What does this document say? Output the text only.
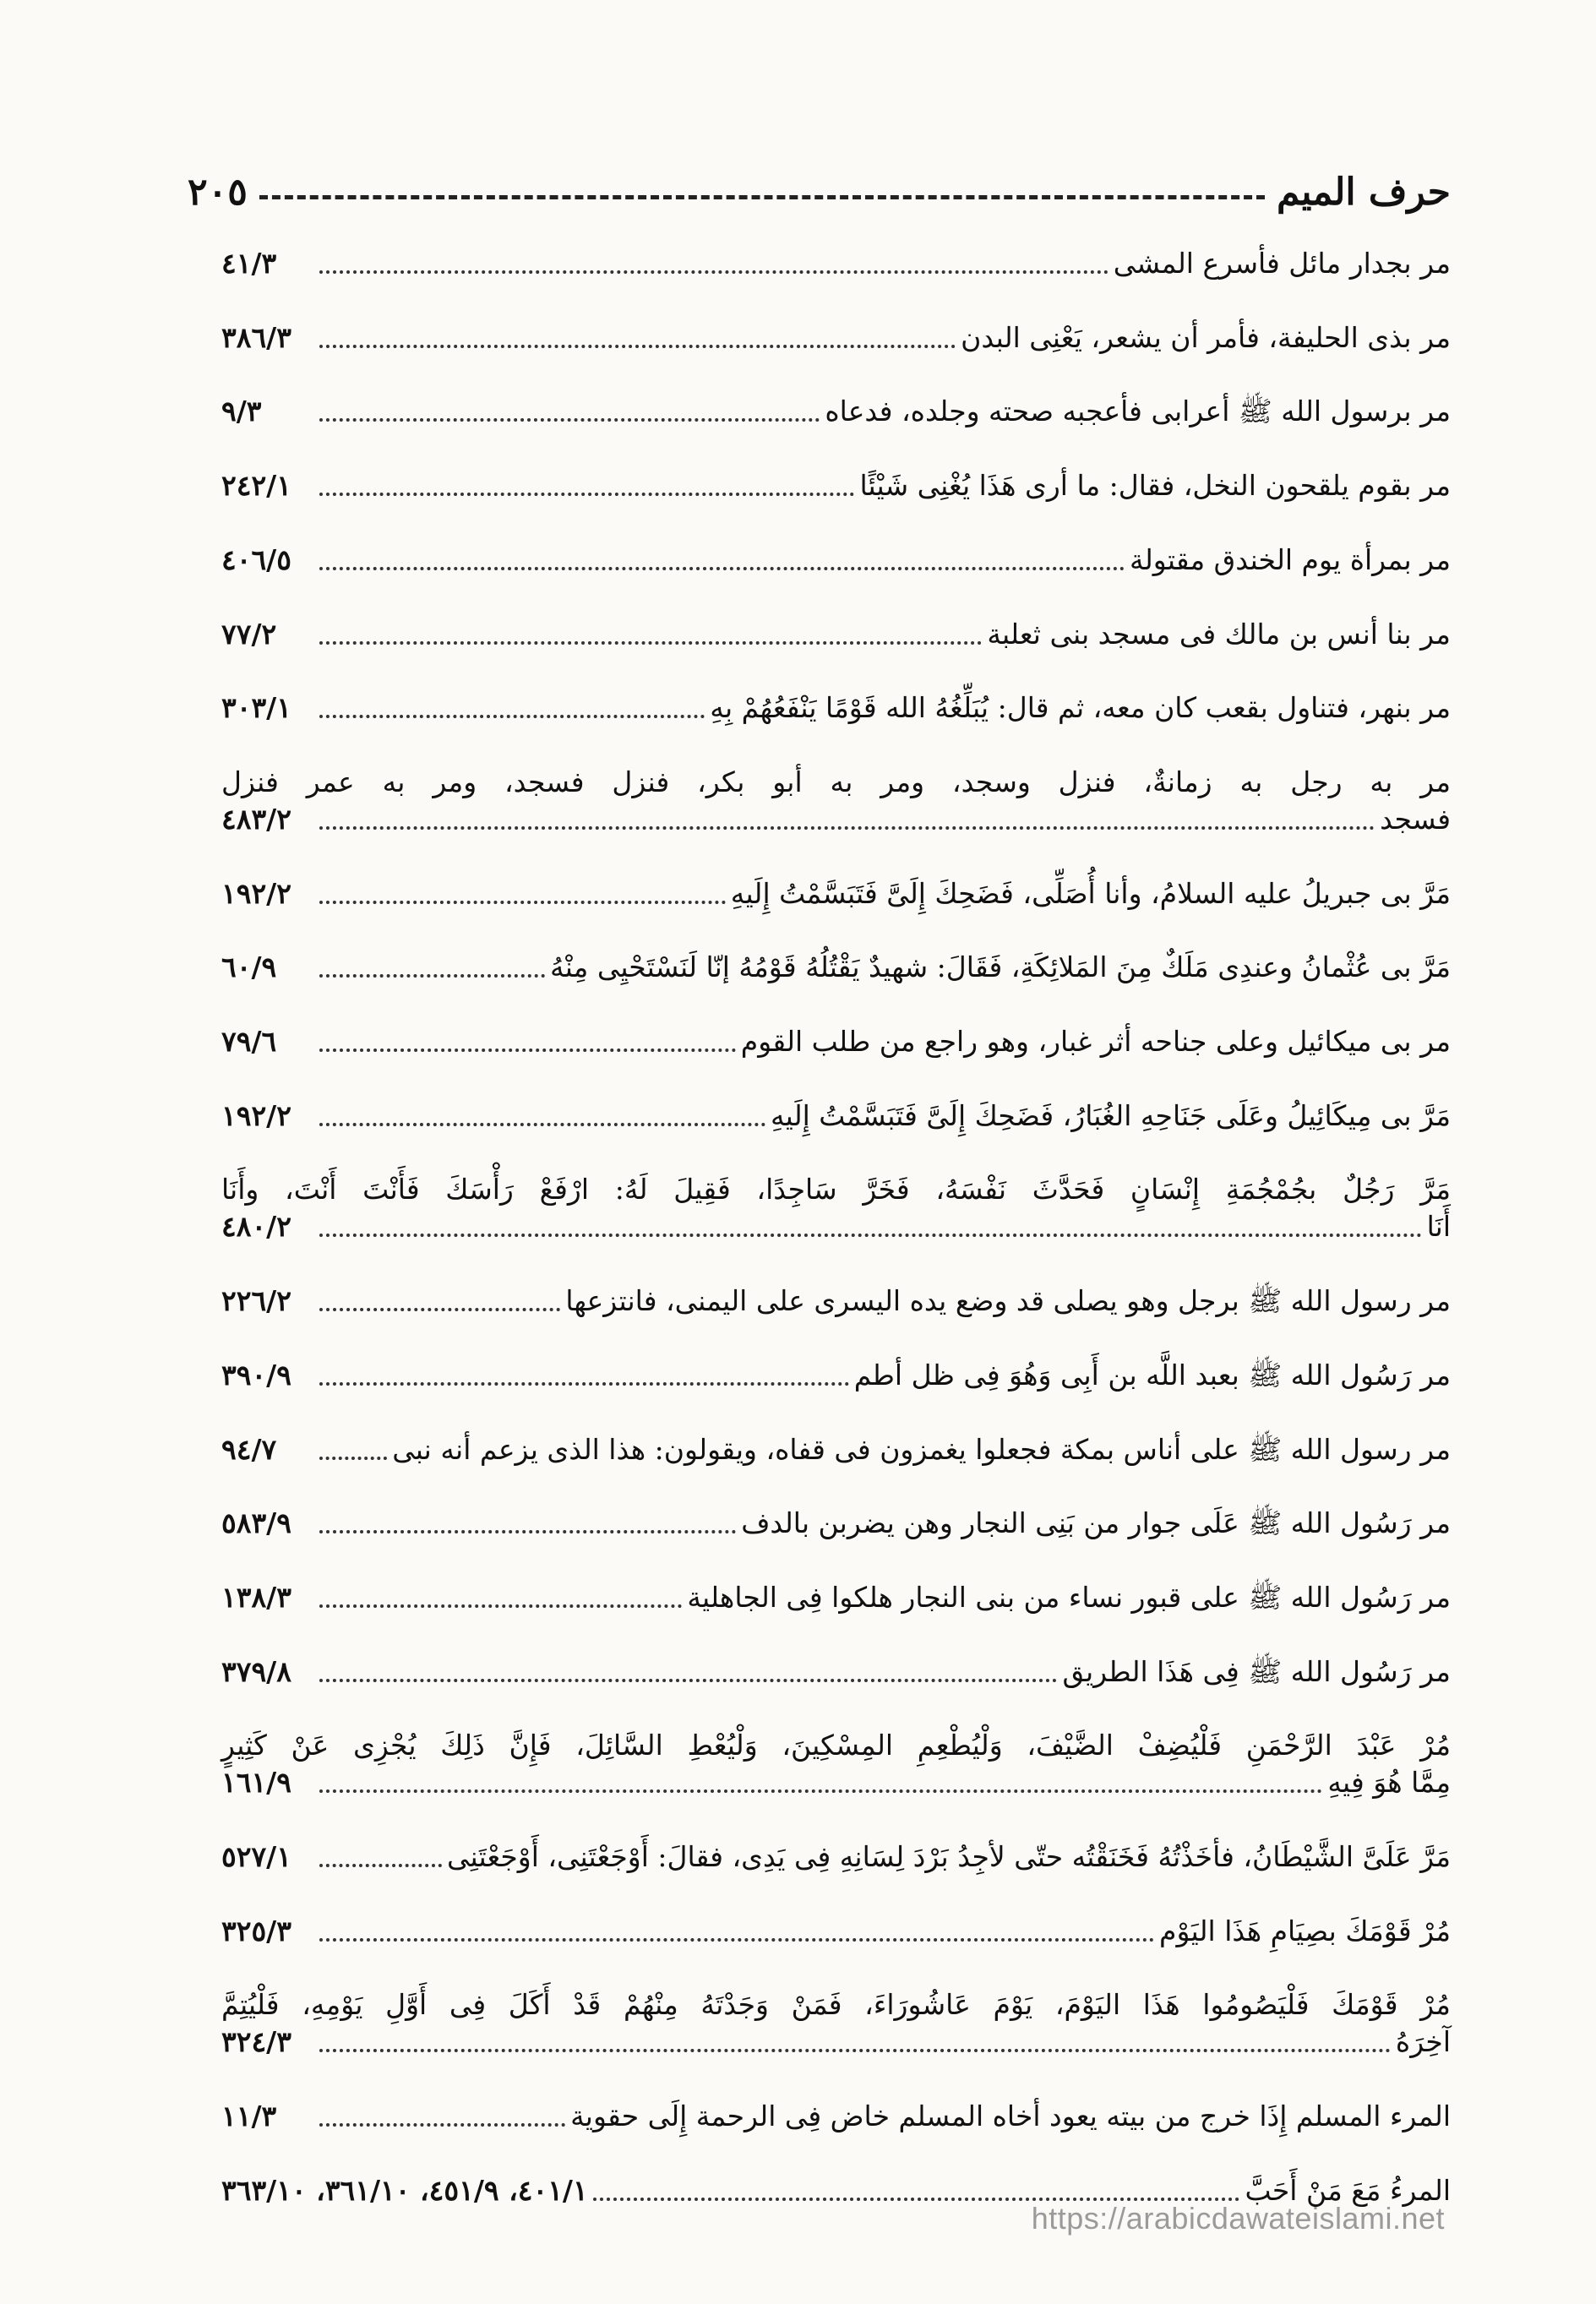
حرف الميم
٢٠٥
مر بجدار مائل فأسرع المشى
٤١/٣
مر بذى الحليفة، فأمر أن يشعر، يَعْنِى البدن
٣٨٦/٣
مر برسول الله ﷺ أعرابى فأعجبه صحته وجلده، فدعاه
٩/٣
مر بقوم يلقحون النخل، فقال: ما أرى هَذَا يُغْنِى شَيْئًا
٢٤٢/١
مر بمرأة يوم الخندق مقتولة
٤٠٦/٥
مر بنا أنس بن مالك فى مسجد بنى ثعلبة
٧٧/٢
مر بنهر، فتناول بقعب كان معه، ثم قال: يُبَلِّغُهُ الله قَوْمًا يَنْفَعُهُمْ بِهِ
٣٠٣/١
مر به رجل به زمانةٌ، فنزل وسجد، ومر به أبو بكر، فنزل فسجد، ومر به عمر فنزل
فسجد
٤٨٣/٢
مَرَّ بى جبريلُ عليه السلامُ، وأنا أُصَلِّى، فَضَحِكَ إِلَىَّ فَتَبَسَّمْتُ إِلَيهِ
١٩٢/٢
مَرَّ بى عُثْمانُ وعندِى مَلَكٌ مِنَ المَلائِكَةِ، فَقَالَ: شهيدٌ يَقْتُلُهُ قَوْمُهُ إنّا لَنَسْتَحْيِى مِنْهُ
٦٠/٩
مر بى ميكائيل وعلى جناحه أثر غبار، وهو راجع من طلب القوم
٧٩/٦
مَرَّ بى مِيكَائِيلُ وعَلَى جَنَاحِهِ الغُبَارُ، فَضَحِكَ إِلَىَّ فَتَبَسَّمْتُ إِلَيهِ
١٩٢/٢
مَرَّ رَجُلٌ بجُمْجُمَةِ إِنْسَانٍ فَحَدَّثَ نَفْسَهُ، فَخَرَّ سَاجِدًا، فَقِيلَ لَهُ: ارْفَعْ رَأْسَكَ فَأَنْتَ أَنْتَ، وأَنَا
أَنَا
٤٨٠/٢
مر رسول الله ﷺ برجل وهو يصلى قد وضع يده اليسرى على اليمنى، فانتزعها
٢٢٦/٢
مر رَسُول الله ﷺ بعبد اللَّه بن أَبِى وَهُوَ فِى ظل أطم
٣٩٠/٩
مر رسول الله ﷺ على أناس بمكة فجعلوا يغمزون فى قفاه، ويقولون: هذا الذى يزعم أنه نبى
٩٤/٧
مر رَسُول الله ﷺ عَلَى جوار من بَنِى النجار وهن يضربن بالدف
٥٨٣/٩
مر رَسُول الله ﷺ على قبور نساء من بنى النجار هلكوا فِى الجاهلية
١٣٨/٣
مر رَسُول الله ﷺ فِى هَذَا الطريق
٣٧٩/٨
مُرْ عَبْدَ الرَّحْمَنِ فَلْيُضِفْ الضَّيْفَ، وَلْيُطْعِمِ المِسْكِينَ، وَلْيُعْطِ السَّائِلَ، فَإِنَّ ذَلِكَ يُجْزِى عَنْ كَثِيرٍ
مِمَّا هُوَ فِيهِ
١٦١/٩
مَرَّ عَلَىَّ الشَّيْطَانُ، فأخَذْتُهُ فَخَنَقْتُه حتّى لأجِدُ بَرْدَ لِسَانِهِ فِى يَدِى، فقالَ: أَوْجَعْتَنِى، أَوْجَعْتَنِى
٥٢٧/١
مُرْ قَوْمَكَ بصِيَامِ هَذَا اليَوْم
٣٢٥/٣
مُرْ قَوْمَكَ فَلْيَصُومُوا هَذَا اليَوْمَ، يَوْمَ عَاشُورَاءَ، فَمَنْ وَجَدْتَهُ مِنْهُمْ قَدْ أَكَلَ فِى أَوَّلِ يَوْمِهِ، فَلْيُتِمَّ
آخِرَهُ
٣٢٤/٣
المرء المسلم إِذَا خرج من بيته يعود أخاه المسلم خاض فِى الرحمة إِلَى حقوية
١١/٣
المرءُ مَعَ مَنْ أَحَبَّ
٤٠١/١، ٤٥١/٩، ٣٦١/١٠، ٣٦٣/١٠
https://arabicdawateislami.net
